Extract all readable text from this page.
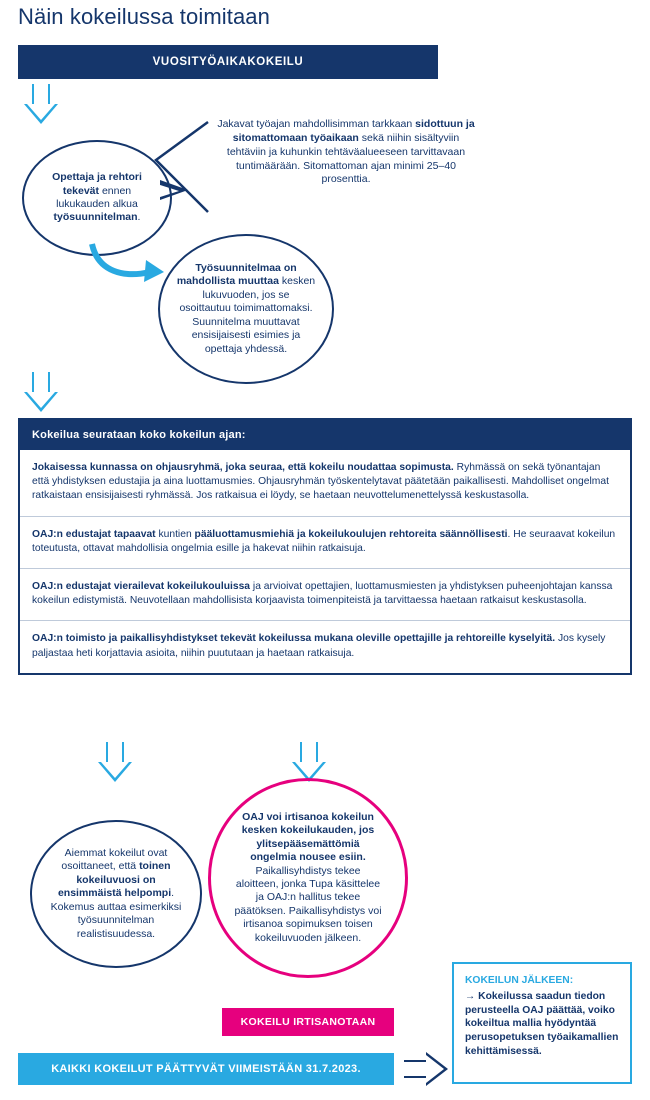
Näin kokeilussa toimitaan
VUOSITYÖAIKAKOKEILU
Jakavat työajan mahdollisimman tarkkaan sidottuun ja sitomattomaan työaikaan sekä niihin sisältyviin tehtäviin ja kuhunkin tehtäväalueeseen tarvittavaan tuntimäärään. Sitomattoman ajan minimi 25–40 prosenttia.
Opettaja ja rehtori tekevät ennen lukukauden alkua työsuunnitelman.
Työsuunnitelmaa on mahdollista muuttaa kesken lukuvuoden, jos se osoittautuu toimimattomaksi. Suunnitelma muuttavat ensisijaisesti esimies ja opettaja yhdessä.
Kokeilua seurataan koko kokeilun ajan:
Jokaisessa kunnassa on ohjausryhmä, joka seuraa, että kokeilu noudattaa sopimusta. Ryhmässä on sekä työnantajan että yhdistyksen edustajia ja aina luottamusmies. Ohjausryhmän työskentelytavat päätetään paikallisesti. Mahdolliset ongelmat ratkaistaan ensisijaisesti ryhmässä. Jos ratkaisua ei löydy, se haetaan neuvottelumenettelyssä keskustasolla.
OAJ:n edustajat tapaavat kuntien pääluottamusmiehiä ja kokeilukoulujen rehtoreita säännöllisesti. He seuraavat kokeilun toteutusta, ottavat mahdollisia ongelmia esille ja hakevat niihin ratkaisuja.
OAJ:n edustajat vierailevat kokeilukouluissa ja arvioivat opettajien, luottamusmiesten ja yhdistyksen puheenjohtajan kanssa kokeilun edistymistä. Neuvotellaan mahdollisista korjaavista toimenpiteistä ja tarvittaessa haetaan ratkaisut keskustasolla.
OAJ:n toimisto ja paikallisyhdistykset tekevät kokeilussa mukana oleville opettajille ja rehtoreille kyselyitä. Jos kysely paljastaa heti korjattavia asioita, niihin puututaan ja haetaan ratkaisuja.
Aiemmat kokeilut ovat osoittaneet, että toinen kokeiluvuosi on ensimmäistä helpompi. Kokemus auttaa esimerkiksi työsuunnitelman realistisuudessa.
OAJ voi irtisanoa kokeilun kesken kokeilukauden, jos ylitsepääsemättömiä ongelmia nousee esiin. Paikallisyhdistys tekee aloitteen, jonka Tupa käsittelee ja OAJ:n hallitus tekee päätöksen. Paikallisyhdistys voi irtisanoa sopimuksen toisen kokeiluvuoden jälkeen.
KOKEILU IRTISANOTAAN
KAIKKI KOKEILUT PÄÄTTYVÄT VIIMEISTÄÄN 31.7.2023.
KOKEILUN JÄLKEEN:
→ Kokeilussa saadun tiedon perusteella OAJ päättää, voiko kokeiltua mallia hyödyntää perusopetuksen työaikamallien kehittämisessä.
